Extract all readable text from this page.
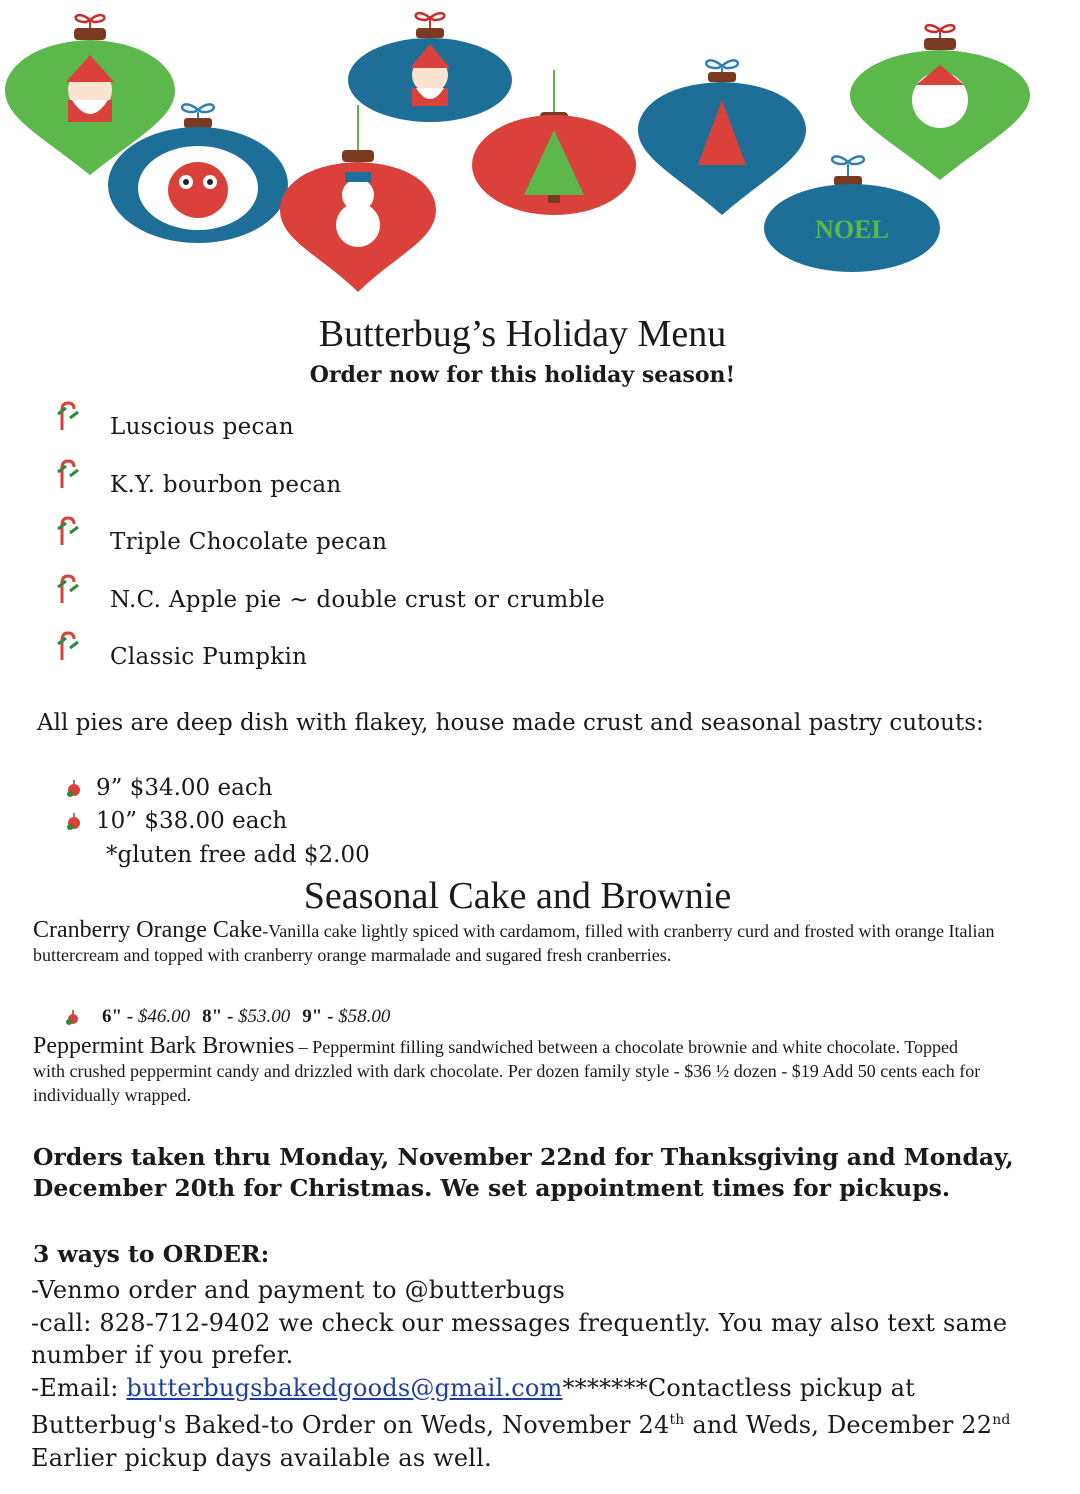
NOEL
Butterbug’s Holiday Menu
Order now for this holiday season!
Luscious pecan
K.Y. bourbon pecan
Triple Chocolate pecan
N.C. Apple pie ~ double crust or crumble
Classic Pumpkin
All pies are deep dish with flakey, house made crust and seasonal pastry cutouts:
9” $34.00 each
10” $38.00 each
*gluten free add $2.00
Seasonal Cake and Brownie
Cranberry Orange Cake-Vanilla cake lightly spiced with cardamom, filled with cranberry curd and frosted with orange Italian buttercream and topped with cranberry orange marmalade and sugared fresh cranberries.
6" - $46.00 8" - $53.00 9" - $58.00
Peppermint Bark Brownies – Peppermint filling sandwiched between a chocolate brownie and white chocolate. Topped with crushed peppermint candy and drizzled with dark chocolate. Per dozen family style - $36 ½ dozen - $19 Add 50 cents each for individually wrapped.
Orders taken thru Monday, November 22nd for Thanksgiving and Monday, December 20th for Christmas. We set appointment times for pickups.
3 ways to ORDER:
-Venmo order and payment to @butterbugs
-call: 828-712-9402 we check our messages frequently. You may also text same number if you prefer.
-Email: butterbugsbakedgoods@gmail.com*******Contactless pickup at Butterbug's Baked-to Order on Weds, November 24th and Weds, December 22nd Earlier pickup days available as well.
